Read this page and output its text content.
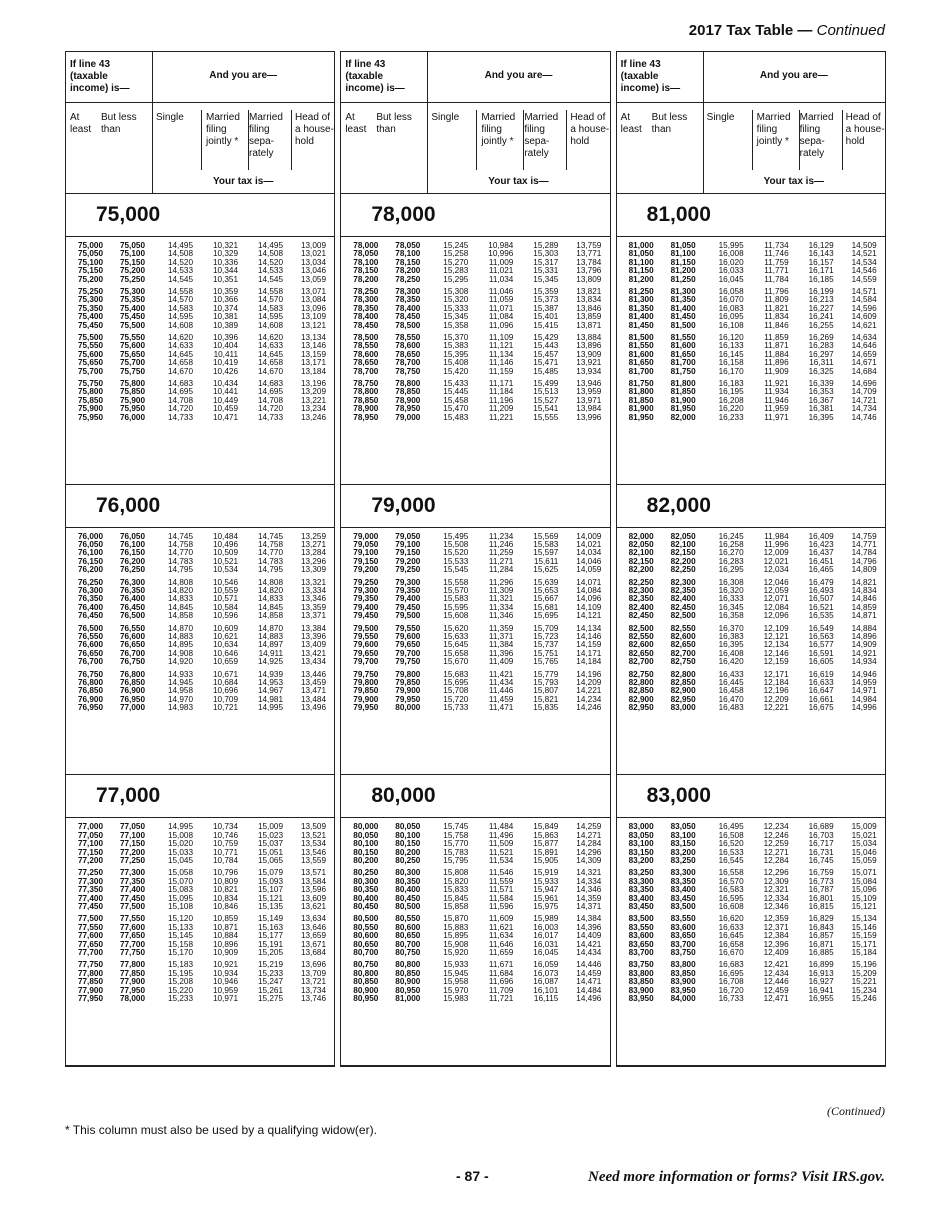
2017 Tax Table — Continued
If line 43 (taxable income) is—
At least
But less than
And you are—
Single	Married filing jointly *
Married filing sepa- rately
Head of a house- hold
Your tax is—
75,000
75,000	75,050	14,495	10,321	14,495	13,009
75,050	75,100	14,508	10,329	14,508	13,021
75,100	75,150	14,520	10,336	14,520	13,034
75,150	75,200	14,533	10,344	14,533	13,046
75,200	75,250	14,545	10,351	14,545	13,059
75,250	75,300	14,558	10,359	14,558	13,071
75,300	75,350	14,570	10,366	14,570	13,084
75,350	75,400	14,583	10,374	14,583	13,096
75,400	75,450	14,595	10,381	14,595	13,109
75,450	75,500	14,608	10,389	14,608	13,121
75,500	75,550	14,620	10,396	14,620	13,134
75,550	75,600	14,633	10,404	14,633	13,146
75,600	75,650	14,645	10,411	14,645	13,159
75,650	75,700	14,658	10,419	14,658	13,171
75,700	75,750	14,670	10,426	14,670	13,184
75,750	75,800	14,683	10,434	14,683	13,196
75,800	75,850	14,695	10,441	14,695	13,209
75,850	75,900	14,708	10,449	14,708	13,221
75,900	75,950	14,720	10,459	14,720	13,234
75,950	76,000	14,733	10,471	14,733	13,246
76,000
76,000	76,050	14,745	10,484	14,745	13,259
76,050	76,100	14,758	10,496	14,758	13,271
76,100	76,150	14,770	10,509	14,770	13,284
76,150	76,200	14,783	10,521	14,783	13,296
76,200	76,250	14,795	10,534	14,795	13,309
76,250	76,300	14,808	10,546	14,808	13,321
76,300	76,350	14,820	10,559	14,820	13,334
76,350	76,400	14,833	10,571	14,833	13,346
76,400	76,450	14,845	10,584	14,845	13,359
76,450	76,500	14,858	10,596	14,858	13,371
76,500	76,550	14,870	10,609	14,870	13,384
76,550	76,600	14,883	10,621	14,883	13,396
76,600	76,650	14,895	10,634	14,897	13,409
76,650	76,700	14,908	10,646	14,911	13,421
76,700	76,750	14,920	10,659	14,925	13,434
76,750	76,800	14,933	10,671	14,939	13,446
76,800	76,850	14,945	10,684	14,953	13,459
76,850	76,900	14,958	10,696	14,967	13,471
76,900	76,950	14,970	10,709	14,981	13,484
76,950	77,000	14,983	10,721	14,995	13,496
77,000
77,000	77,050	14,995	10,734	15,009	13,509
77,050	77,100	15,008	10,746	15,023	13,521
77,100	77,150	15,020	10,759	15,037	13,534
77,150	77,200	15,033	10,771	15,051	13,546
77,200	77,250	15,045	10,784	15,065	13,559
77,250	77,300	15,058	10,796	15,079	13,571
77,300	77,350	15,070	10,809	15,093	13,584
77,350	77,400	15,083	10,821	15,107	13,596
77,400	77,450	15,095	10,834	15,121	13,609
77,450	77,500	15,108	10,846	15,135	13,621
77,500	77,550	15,120	10,859	15,149	13,634
77,550	77,600	15,133	10,871	15,163	13,646
77,600	77,650	15,145	10,884	15,177	13,659
77,650	77,700	15,158	10,896	15,191	13,671
77,700	77,750	15,170	10,909	15,205	13,684
77,750	77,800	15,183	10,921	15,219	13,696
77,800	77,850	15,195	10,934	15,233	13,709
77,850	77,900	15,208	10,946	15,247	13,721
77,900	77,950	15,220	10,959	15,261	13,734
77,950	78,000	15,233	10,971	15,275	13,746
If line 43 (taxable income) is—
At least
But less than
And you are—
Single	Married filing jointly *
Married filing sepa- rately
Head of a house- hold
Your tax is—
78,000
78,000	78,050	15,245	10,984	15,289	13,759
78,050	78,100	15,258	10,996	15,303	13,771
78,100	78,150	15,270	11,009	15,317	13,784
78,150	78,200	15,283	11,021	15,331	13,796
78,200	78,250	15,295	11,034	15,345	13,809
78,250	78,300	15,308	11,046	15,359	13,821
78,300	78,350	15,320	11,059	15,373	13,834
78,350	78,400	15,333	11,071	15,387	13,846
78,400	78,450	15,345	11,084	15,401	13,859
78,450	78,500	15,358	11,096	15,415	13,871
78,500	78,550	15,370	11,109	15,429	13,884
78,550	78,600	15,383	11,121	15,443	13,896
78,600	78,650	15,395	11,134	15,457	13,909
78,650	78,700	15,408	11,146	15,471	13,921
78,700	78,750	15,420	11,159	15,485	13,934
78,750	78,800	15,433	11,171	15,499	13,946
78,800	78,850	15,445	11,184	15,513	13,959
78,850	78,900	15,458	11,196	15,527	13,971
78,900	78,950	15,470	11,209	15,541	13,984
78,950	79,000	15,483	11,221	15,555	13,996
79,000
79,000	79,050	15,495	11,234	15,569	14,009
79,050	79,100	15,508	11,246	15,583	14,021
79,100	79,150	15,520	11,259	15,597	14,034
79,150	79,200	15,533	11,271	15,611	14,046
79,200	79,250	15,545	11,284	15,625	14,059
79,250	79,300	15,558	11,296	15,639	14,071
79,300	79,350	15,570	11,309	15,653	14,084
79,350	79,400	15,583	11,321	15,667	14,096
79,400	79,450	15,595	11,334	15,681	14,109
79,450	79,500	15,608	11,346	15,695	14,121
79,500	79,550	15,620	11,359	15,709	14,134
79,550	79,600	15,633	11,371	15,723	14,146
79,600	79,650	15,645	11,384	15,737	14,159
79,650	79,700	15,658	11,396	15,751	14,171
79,700	79,750	15,670	11,409	15,765	14,184
79,750	79,800	15,683	11,421	15,779	14,196
79,800	79,850	15,695	11,434	15,793	14,209
79,850	79,900	15,708	11,446	15,807	14,221
79,900	79,950	15,720	11,459	15,821	14,234
79,950	80,000	15,733	11,471	15,835	14,246
80,000
80,000	80,050	15,745	11,484	15,849	14,259
80,050	80,100	15,758	11,496	15,863	14,271
80,100	80,150	15,770	11,509	15,877	14,284
80,150	80,200	15,783	11,521	15,891	14,296
80,200	80,250	15,795	11,534	15,905	14,309
80,250	80,300	15,808	11,546	15,919	14,321
80,300	80,350	15,820	11,559	15,933	14,334
80,350	80,400	15,833	11,571	15,947	14,346
80,400	80,450	15,845	11,584	15,961	14,359
80,450	80,500	15,858	11,596	15,975	14,371
80,500	80,550	15,870	11,609	15,989	14,384
80,550	80,600	15,883	11,621	16,003	14,396
80,600	80,650	15,895	11,634	16,017	14,409
80,650	80,700	15,908	11,646	16,031	14,421
80,700	80,750	15,920	11,659	16,045	14,434
80,750	80,800	15,933	11,671	16,059	14,446
80,800	80,850	15,945	11,684	16,073	14,459
80,850	80,900	15,958	11,696	16,087	14,471
80,900	80,950	15,970	11,709	16,101	14,484
80,950	81,000	15,983	11,721	16,115	14,496
If line 43 (taxable income) is—
At least
But less than
And you are—
Single	Married filing jointly *
Married filing sepa- rately
Head of a house- hold
Your tax is—
81,000
81,000	81,050	15,995	11,734	16,129	14,509
81,050	81,100	16,008	11,746	16,143	14,521
81,100	81,150	16,020	11,759	16,157	14,534
81,150	81,200	16,033	11,771	16,171	14,546
81,200	81,250	16,045	11,784	16,185	14,559
81,250	81,300	16,058	11,796	16,199	14,571
81,300	81,350	16,070	11,809	16,213	14,584
81,350	81,400	16,083	11,821	16,227	14,596
81,400	81,450	16,095	11,834	16,241	14,609
81,450	81,500	16,108	11,846	16,255	14,621
81,500	81,550	16,120	11,859	16,269	14,634
81,550	81,600	16,133	11,871	16,283	14,646
81,600	81,650	16,145	11,884	16,297	14,659
81,650	81,700	16,158	11,896	16,311	14,671
81,700	81,750	16,170	11,909	16,325	14,684
81,750	81,800	16,183	11,921	16,339	14,696
81,800	81,850	16,195	11,934	16,353	14,709
81,850	81,900	16,208	11,946	16,367	14,721
81,900	81,950	16,220	11,959	16,381	14,734
81,950	82,000	16,233	11,971	16,395	14,746
82,000
82,000	82,050	16,245	11,984	16,409	14,759
82,050	82,100	16,258	11,996	16,423	14,771
82,100	82,150	16,270	12,009	16,437	14,784
82,150	82,200	16,283	12,021	16,451	14,796
82,200	82,250	16,295	12,034	16,465	14,809
82,250	82,300	16,308	12,046	16,479	14,821
82,300	82,350	16,320	12,059	16,493	14,834
82,350	82,400	16,333	12,071	16,507	14,846
82,400	82,450	16,345	12,084	16,521	14,859
82,450	82,500	16,358	12,096	16,535	14,871
82,500	82,550	16,370	12,109	16,549	14,884
82,550	82,600	16,383	12,121	16,563	14,896
82,600	82,650	16,395	12,134	16,577	14,909
82,650	82,700	16,408	12,146	16,591	14,921
82,700	82,750	16,420	12,159	16,605	14,934
82,750	82,800	16,433	12,171	16,619	14,946
82,800	82,850	16,445	12,184	16,633	14,959
82,850	82,900	16,458	12,196	16,647	14,971
82,900	82,950	16,470	12,209	16,661	14,984
82,950	83,000	16,483	12,221	16,675	14,996
83,000
83,000	83,050	16,495	12,234	16,689	15,009
83,050	83,100	16,508	12,246	16,703	15,021
83,100	83,150	16,520	12,259	16,717	15,034
83,150	83,200	16,533	12,271	16,731	15,046
83,200	83,250	16,545	12,284	16,745	15,059
83,250	83,300	16,558	12,296	16,759	15,071
83,300	83,350	16,570	12,309	16,773	15,084
83,350	83,400	16,583	12,321	16,787	15,096
83,400	83,450	16,595	12,334	16,801	15,109
83,450	83,500	16,608	12,346	16,815	15,121
83,500	83,550	16,620	12,359	16,829	15,134
83,550	83,600	16,633	12,371	16,843	15,146
83,600	83,650	16,645	12,384	16,857	15,159
83,650	83,700	16,658	12,396	16,871	15,171
83,700	83,750	16,670	12,409	16,885	15,184
83,750	83,800	16,683	12,421	16,899	15,196
83,800	83,850	16,695	12,434	16,913	15,209
83,850	83,900	16,708	12,446	16,927	15,221
83,900	83,950	16,720	12,459	16,941	15,234
83,950	84,000	16,733	12,471	16,955	15,246
(Continued)
* This column must also be used by a qualifying widow(er).
- 87 -	Need more information or forms? Visit IRS.gov.
